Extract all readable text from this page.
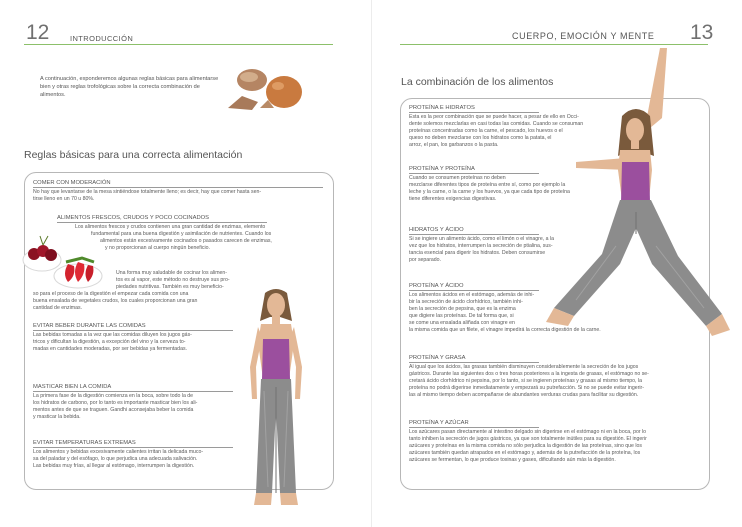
12	INTRODUCCIÓN
A continuación, exponderemos algunas reglas básicas para alimentarse bien y otras reglas trofológicas sobre la correcta combinación de alimentos.
Reglas básicas para una correcta alimentación
COMER CON MODERACIÓN
No hay que levantarse de la mesa sintiéndose totalmente lleno; es decir, hay que comer hasta sen-
tirse lleno en un 70 u 80%.
ALIMENTOS FRESCOS, CRUDOS Y POCO COCINADOS
Los alimentos frescos y crudos contienen una gran cantidad de enzimas, elemento
fundamental para una buena digestión y asimilación de nutrientes. Cuando los
alimentos están excesivamente cocinados o pasados carecen de enzimas,
y no proporcionan al cuerpo ningún beneficio.
Una forma muy saludable de cocinar los alimen-
tos es al vapor, este método no destruye sus pro-
piedades nutritivas. También es muy beneficio-
so para el proceso de la digestión el empezar cada comida con una
buena ensalada de vegetales crudos, los cuales proporcionan una gran
cantidad de enzimas.
EVITAR BEBER DURANTE LAS COMIDAS
Las bebidas tomadas a la vez que las comidas diluyen los jugos gás-
tricos y dificultan la digestión, a excepción del vino y la cerveza to-
madas en cantidades moderadas, por ser bebidas ya fermentadas.
MASTICAR BIEN LA COMIDA
La primera fase de la digestión comienza en la boca, sobre todo la de
los hidratos de carbono, por lo tanto es importante masticar bien los ali-
mentos antes de que se traguen. Gandhi aconsejaba beber la comida
y masticar la bebida.
EVITAR TEMPERATURAS EXTREMAS
Los alimentos y bebidas excesivamente calientes irritan la delicada muco-
sa del paladar y del esófago, lo que perjudica una adecuada salivación.
Las bebidas muy frías, al llegar al estómago, interrumpen la digestión.
13
CUERPO, EMOCIÓN Y MENTE
La combinación de los alimentos
PROTEÍNA E HIDRATOS
Esta es la peor combinación que se puede hacer, a pesar de ello en Occi-
dente solemos mezclarlas en casi todas las comidas. Cuando se consuman
proteínas concentradas como la carne, el pescado, los huevos o el
queso no deben mezclarse con los hidratos como la patata, el
arroz, el pan, los garbanzos o la pasta.
PROTEÍNA Y PROTEÍNA
Cuando se consumen proteínas no deben
mezclarse diferentes tipos de proteína entre sí, como por ejemplo la
leche y la carne, o la carne y los huevos, ya que cada tipo de proteína
tiene diferentes exigencias digestivas.
HIDRATOS Y ÁCIDO
Si se ingiere un alimento ácido, como el limón o el vinagre, a la
vez que los hidratos, interrumpen la secreción de ptialina, sus-
tancia esencial para digerir los hidratos. Deben consumirse
por separado.
PROTEÍNA Y ÁCIDO
Los alimentos ácidos en el estómago, además de inhi-
bir la secreción de ácido clorhídrico, también inhi-
ben la secreción de pepsina, que es la enzima
que digiere las proteínas. De tal forma que, si
se come una ensalada aliñada con vinagre en
la misma comida que un filete, el vinagre impedirá la correcta digestión de la carne.
PROTEÍNA Y GRASA
Al igual que los ácidos, las grasas también disminuyen considerablemente la secreción de los jugos
gástricos. Durante las siguientes dos o tres horas posteriores a la ingesta de grasas, el estómago no se-
cretará ácido clorhídrico ni pepsina, por lo tanto, si se ingieren proteínas y grasas al mismo tiempo, la
proteína no podrá digerirse inmediatamente y empezará su putrefacción. Si no se puede evitar ingerir-
las al mismo tiempo deben acompañarse de abundantes verduras crudas para facilitar su digestión.
PROTEÍNA Y AZÚCAR
Los azúcares pasan directamente al intestino delgado sin digerirse en el estómago ni en la boca, por lo
tanto inhiben la secreción de jugos gástricos, ya que son totalmente inútiles para su digestión. El ingerir
azúcares y proteínas en la misma comida no sólo perjudica la digestión de las proteínas, sino que los
azúcares también quedan atrapados en el estómago y, además de la putrefacción de la proteína, los
azúcares se fermentan, lo que produce toxinas y gases, dificultando aún más la digestión.
